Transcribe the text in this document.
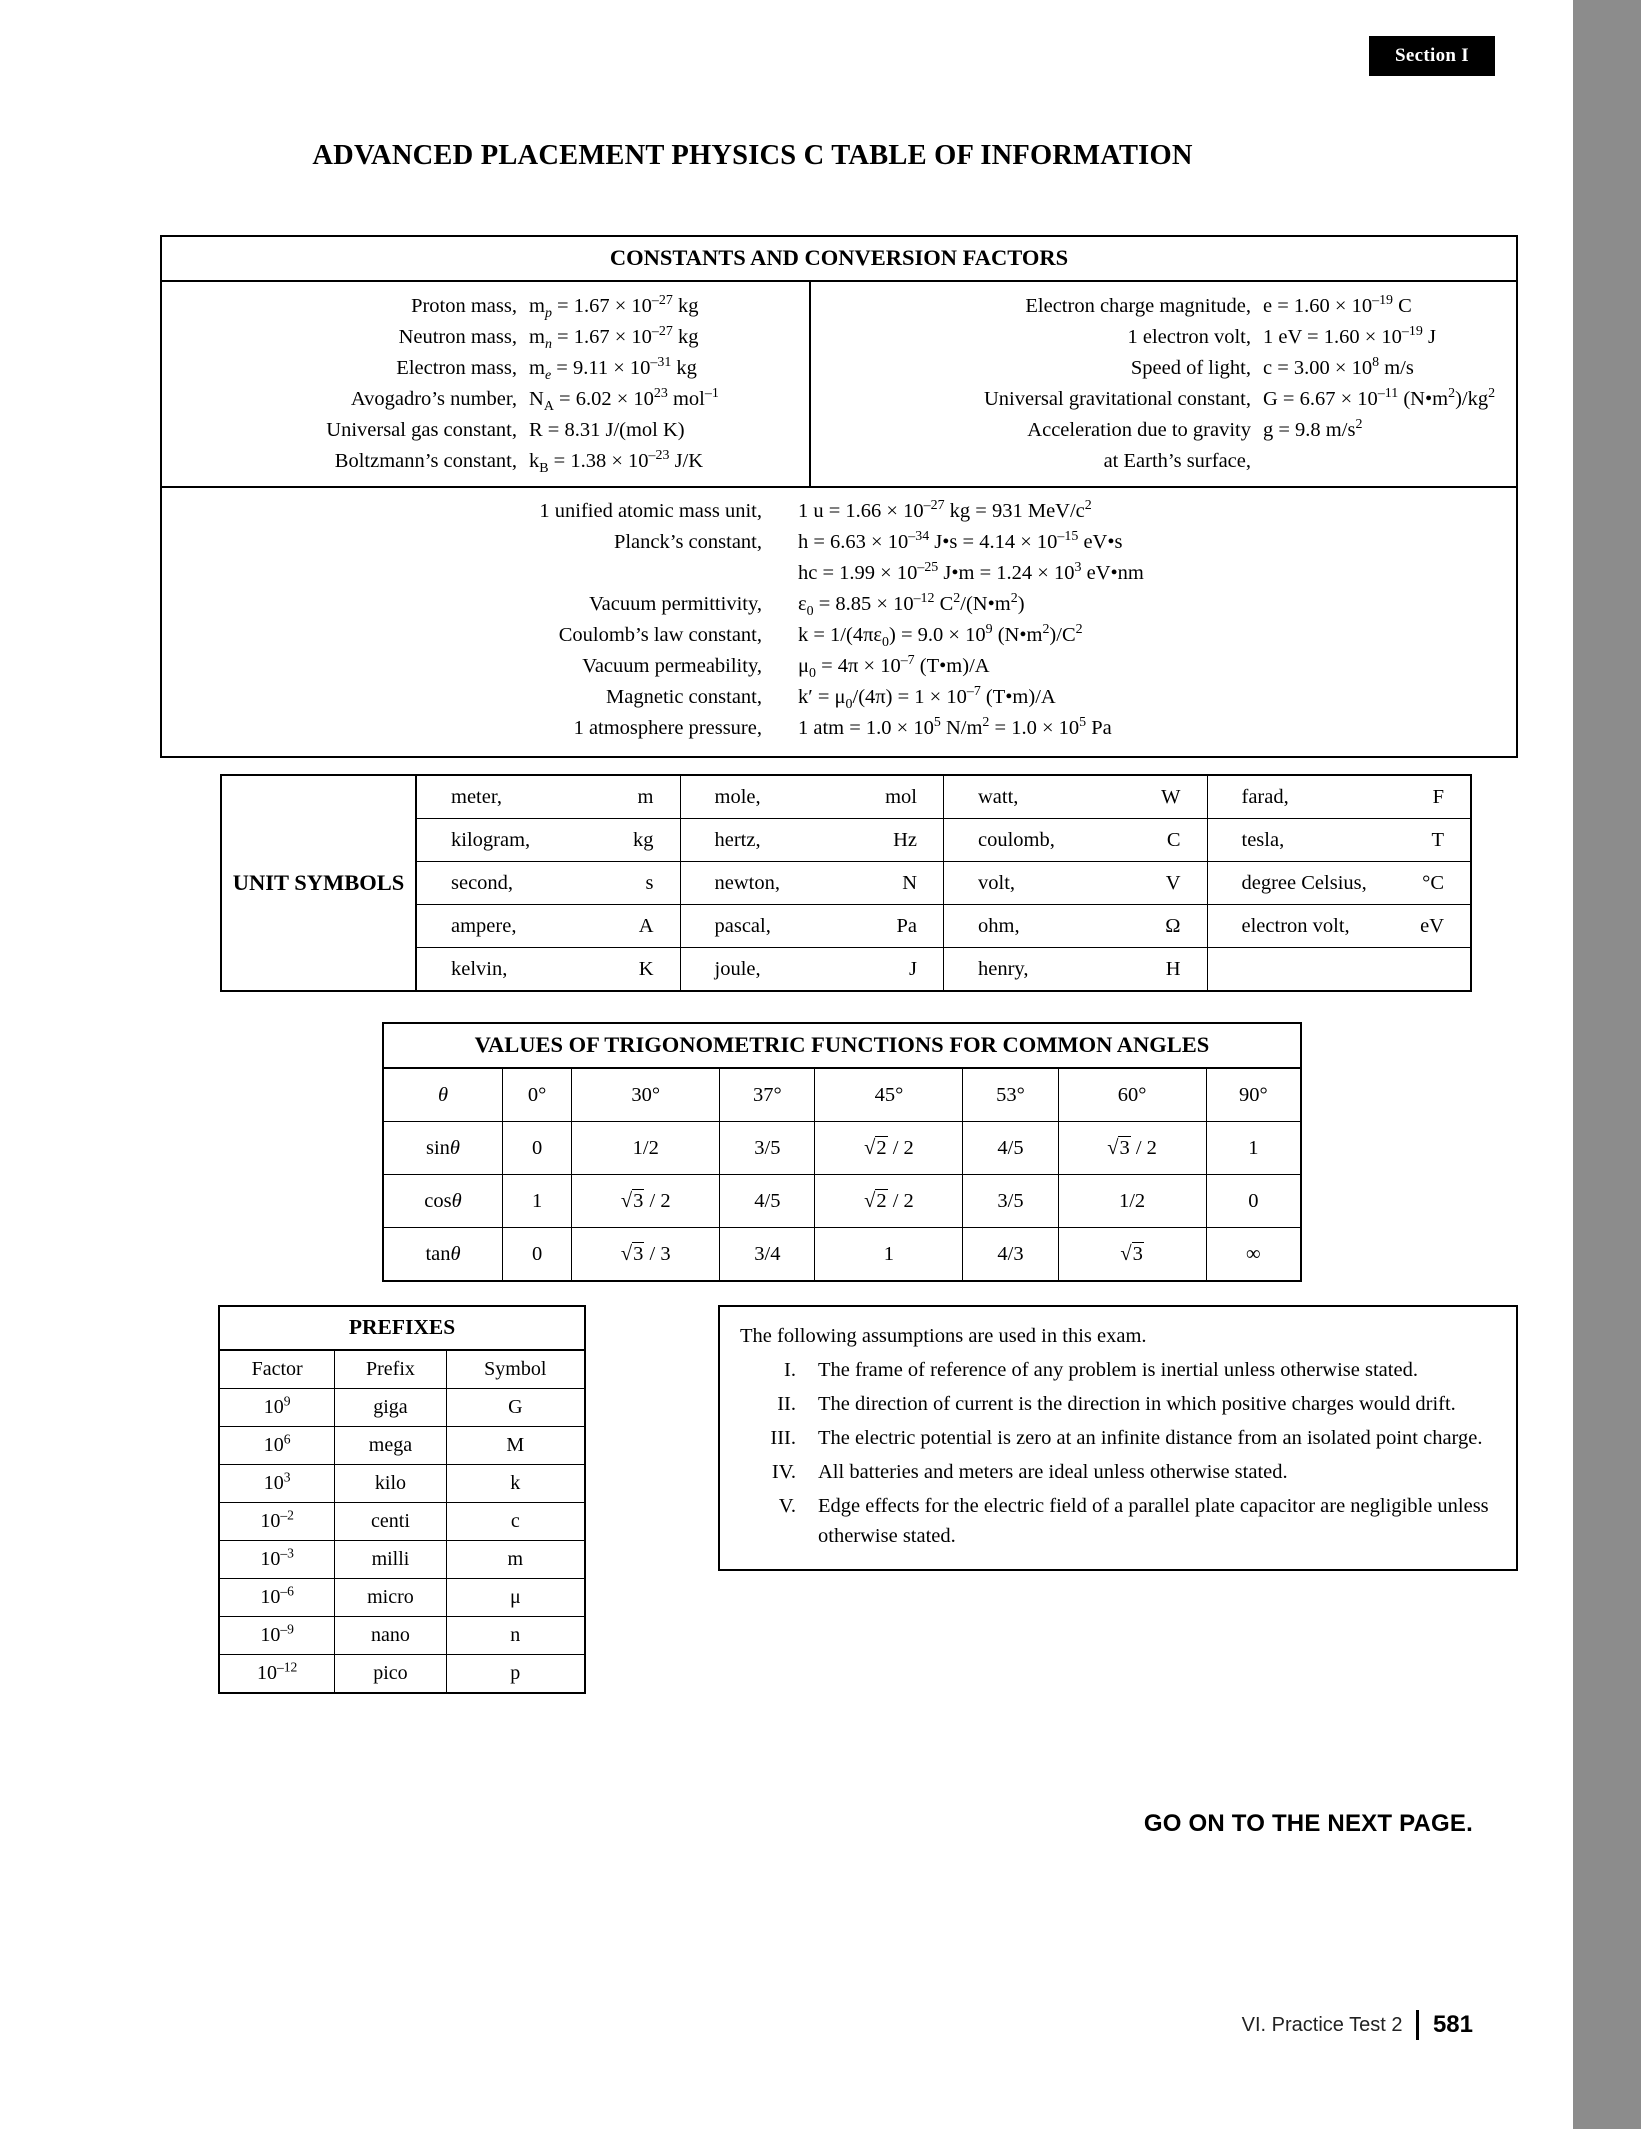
Section I
ADVANCED PLACEMENT PHYSICS C TABLE OF INFORMATION
CONSTANTS AND CONVERSION FACTORS
Proton mass, $m_p = 1.67 \times 10^{-27}$ kg
Neutron mass, $m_n = 1.67 \times 10^{-27}$ kg
Electron mass, $m_e = 9.11 \times 10^{-31}$ kg
Avogadro’s number, $N_A = 6.02 \times 10^{23}$ mol$^{-1}$
Universal gas constant, R = 8.31 J/(mol K)
Boltzmann’s constant, $k_B = 1.38 \times 10^{-23}$ J/K
Electron charge magnitude, $e = 1.60 \times 10^{-19}$ C
1 electron volt, 1 eV = $1.60 \times 10^{-19}$ J
Speed of light, $c = 3.00 \times 10^8$ m/s
Universal gravitational constant, $G = 6.67 \times 10^{-11}$ $(N•m^2)/kg^2$
Acceleration due to gravity g = 9.8 $m/s^2$
at Earth’s surface,
1 unified atomic mass unit,	1 $u = 1.66 \times 10^{-27}$ kg = 931 MeV/$c^2$
Planck’s constant,	$h = 6.63 \times 10^{-34}$ J•s = $4.14 \times 10^{-15}$ eV•s
hc = $1.99 \times 10^{-25}$ J•m = $1.24 \times 10^3$ eV•nm
Vacuum permittivity,	$\varepsilon_0 = 8.85 \times 10^{-12}$ $C^2/(N•m^2)$
Coulomb’s law constant,	$k = 1/(4\pi\varepsilon_0) = 9.0 \times 10^9$ $(N•m^2)/C^2$
Vacuum permeability,	$\mu_0 = 4\pi \times 10^{-7}$ (T•m)/A
Magnetic constant,	$k' = \mu_0/(4\pi) = 1 \times 10^{-7}$ (T•m)/A
1 atmosphere pressure,	1 atm = $1.0 \times 10^5$ $N/m^2 = 1.0 \times 10^5$ Pa
UNIT SYMBOLS
meter,	m	mole,	mol	watt,	W	farad,	F
kilogram,	kg	hertz,	Hz	coulomb,	C	tesla,	T
second,	s	newton,	N	volt,	V	degree Celsius,	°C
ampere,	A	pascal,	Pa	ohm,	Ω	electron volt,	eV
kelvin,	K	joule,	J	henry,	H
VALUES OF TRIGONOMETRIC FUNCTIONS FOR COMMON ANGLES
θ	0°	30°	37°	45°	53°	60°	90°
sinθ	0	1/2	3/5	√2 / 2	4/5	√3 / 2	1
cosθ	1	√3 / 2	4/5	√2 / 2	3/5	1/2	0
tanθ	0	√3 / 3	3/4	1	4/3	√3	∞
PREFIXES
Factor	Prefix	Symbol
$10^9$	giga	G
$10^6$	mega	M
$10^3$	kilo	k
$10^{-2}$	centi	c
$10^{-3}$	milli	m
$10^{-6}$	micro	μ
$10^{-9}$	nano	n
$10^{-12}$	pico	p

The following assumptions are used in this exam.

I.	The frame of reference of any problem is inertial unless otherwise stated.
II.	The direction of current is the direction in which positive charges would drift.
III.	The electric potential is zero at an infinite distance from an isolated point charge.
IV.	All batteries and meters are ideal unless otherwise stated.
V.	Edge effects for the electric field of a parallel plate capacitor are negligible unless otherwise stated.
GO ON TO THE NEXT PAGE.
VI. Practice Test 2 581
